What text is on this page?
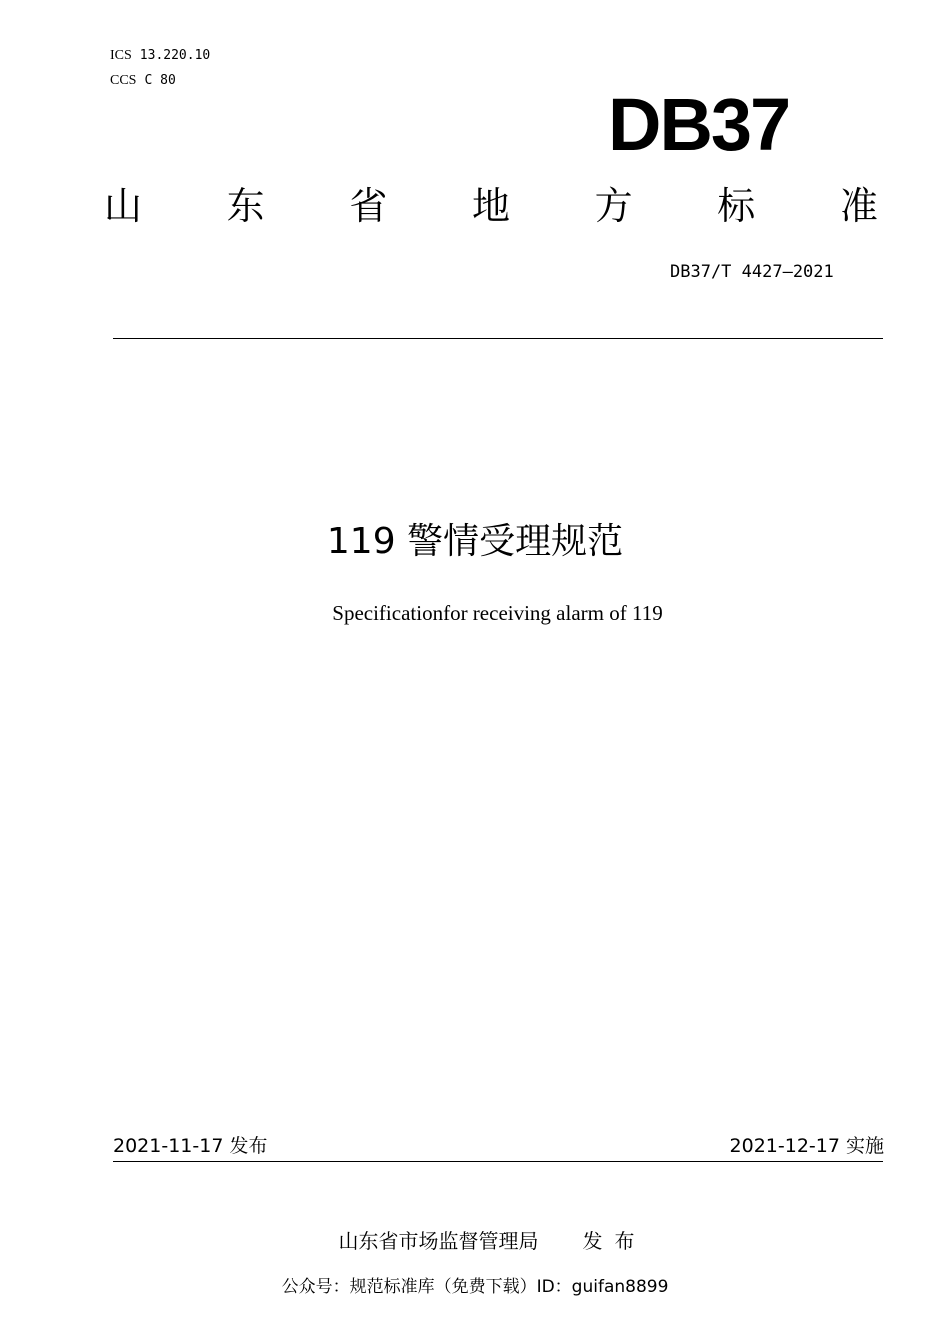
ICS 13.220.10
CCS C 80
DB37
山 东 省 地 方 标 准
DB37/T 4427—2021
119 警情受理规范
Specificationfor receiving alarm of 119
2021-11-17 发布	2021-12-17 实施
山东省市场监督管理局 发布
公众号：规范标准库（免费下载）ID：guifan8899
